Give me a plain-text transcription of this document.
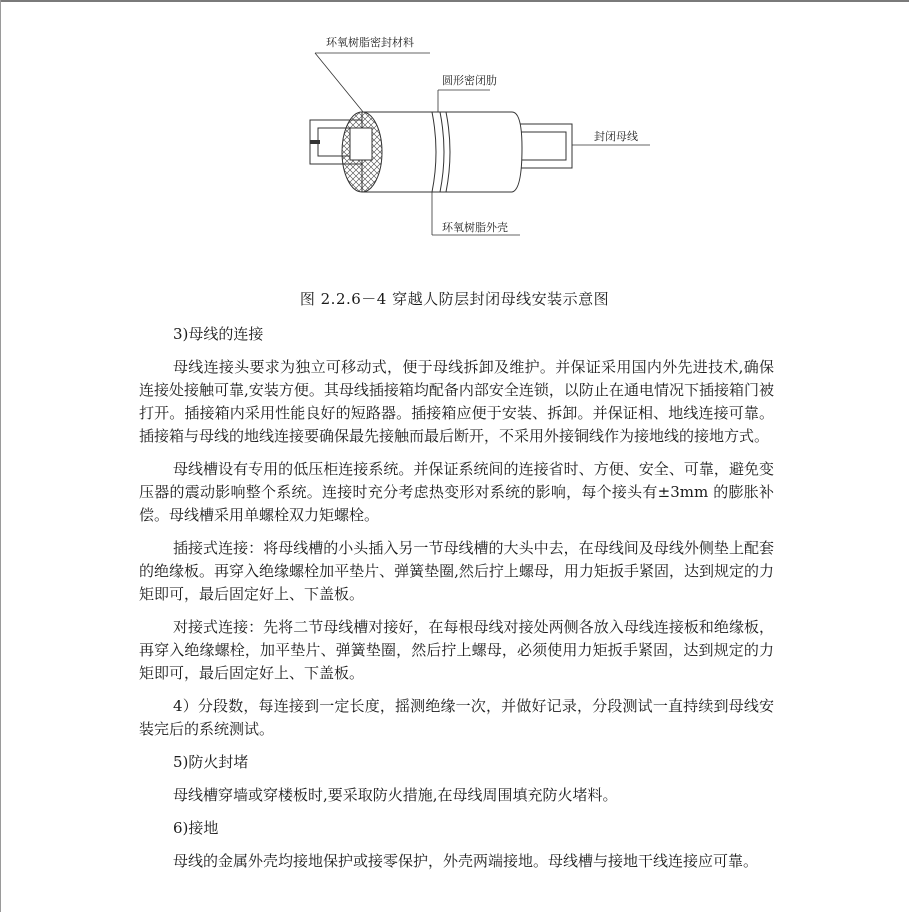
环氧树脂密封材料
圆形密闭肋
封闭母线
环氧树脂外壳
图 2.2.6－4 穿越人防层封闭母线安装示意图

3)母线的连接

母线连接头要求为独立可移动式，便于母线拆卸及维护。并保证采用国内外先进技术,确保连接处接触可靠,安装方便。其母线插接箱均配备内部安全连锁，以防止在通电情况下插接箱门被打开。插接箱内采用性能良好的短路器。插接箱应便于安装、拆卸。并保证相、地线连接可靠。插接箱与母线的地线连接要确保最先接触而最后断开，不采用外接铜线作为接地线的接地方式。

母线槽设有专用的低压柜连接系统。并保证系统间的连接省时、方便、安全、可靠，避免变压器的震动影响整个系统。连接时充分考虑热变形对系统的影响，每个接头有±3mm 的膨胀补偿。母线槽采用单螺栓双力矩螺栓。

插接式连接：将母线槽的小头插入另一节母线槽的大头中去，在母线间及母线外侧垫上配套的绝缘板。再穿入绝缘螺栓加平垫片、弹簧垫圈,然后拧上螺母，用力矩扳手紧固，达到规定的力矩即可，最后固定好上、下盖板。

对接式连接：先将二节母线槽对接好，在每根母线对接处两侧各放入母线连接板和绝缘板，再穿入绝缘螺栓，加平垫片、弹簧垫圈，然后拧上螺母，必须使用力矩扳手紧固，达到规定的力矩即可，最后固定好上、下盖板。

4）分段数，每连接到一定长度，摇测绝缘一次，并做好记录，分段测试一直持续到母线安装完后的系统测试。

5)防火封堵

母线槽穿墙或穿楼板时,要采取防火措施,在母线周围填充防火堵料。

6)接地

母线的金属外壳均接地保护或接零保护，外壳两端接地。母线槽与接地干线连接应可靠。
